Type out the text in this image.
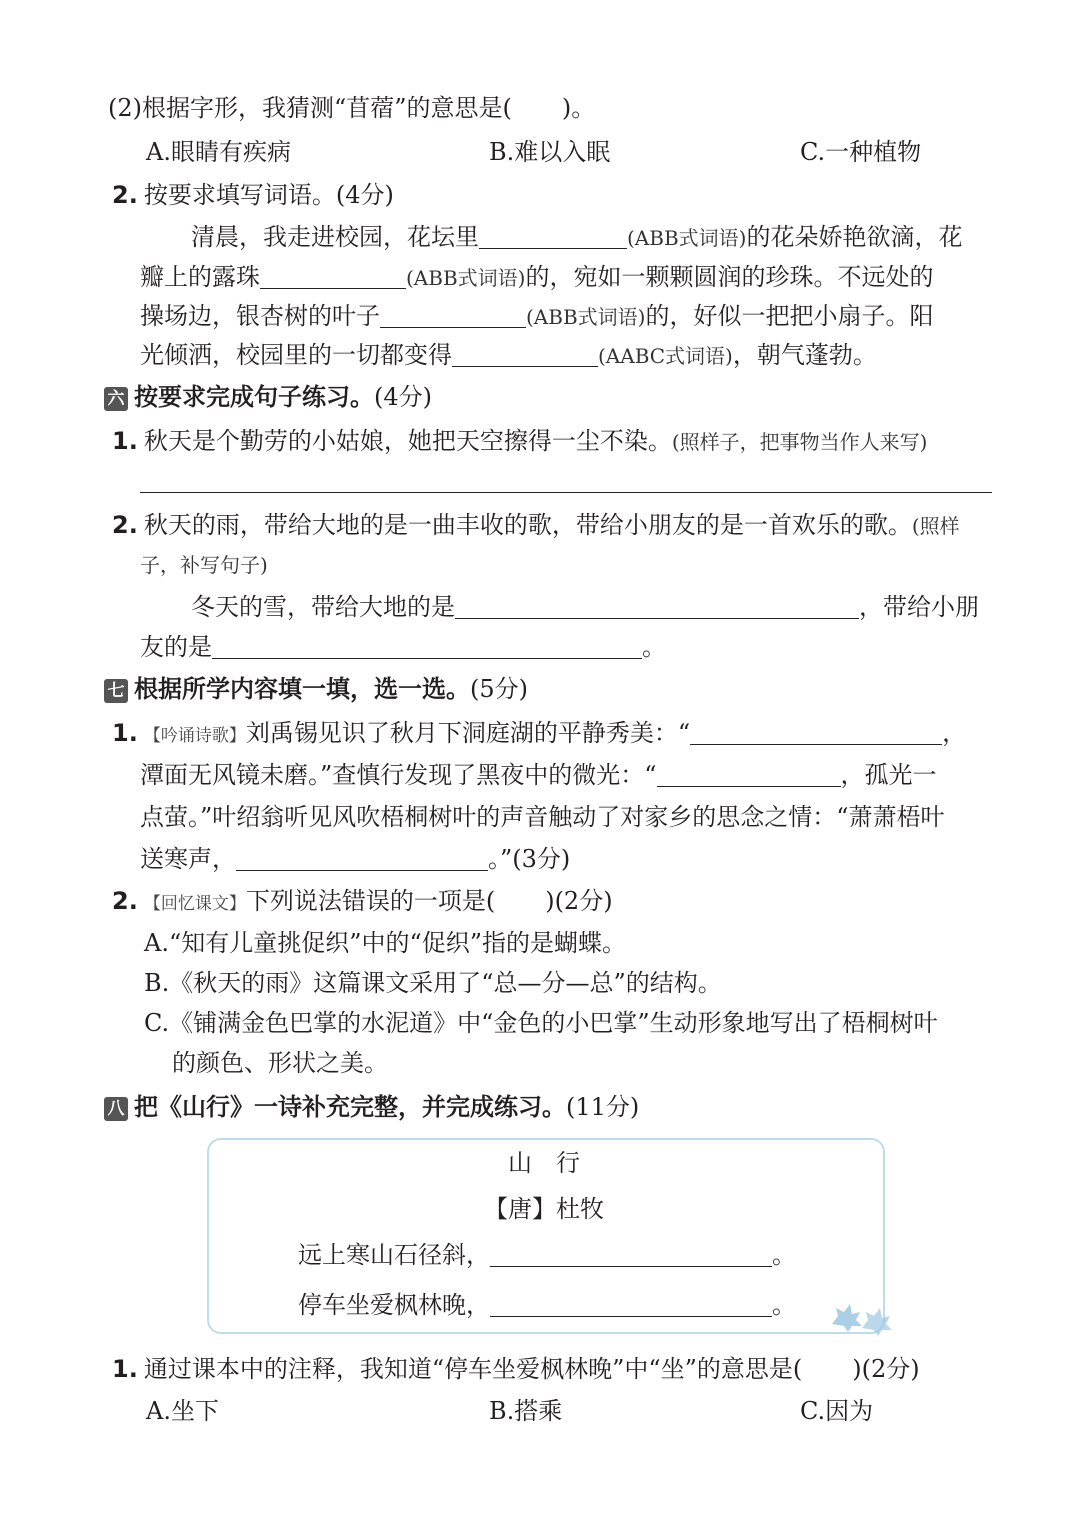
(2)根据字形，我猜测“苜蓿”的意思是( )。
A.眼睛有疾病	B.难以入眠	C.一种植物
2. 按要求填写词语。(4分)
清晨，我走进校园，花坛里	(ABB式词语)的花朵娇艳欲滴，花
瓣上的露珠	(ABB式词语)的，宛如一颗颗圆润的珍珠。不远处的
操场边，银杏树的叶子	(ABB式词语)的，好似一把把小扇子。阳
光倾洒，校园里的一切都变得	(AABC式词语)，朝气蓬勃。
六 按要求完成句子练习。(4分)
1. 秋天是个勤劳的小姑娘，她把天空擦得一尘不染。(照样子，把事物当作人来写)
2. 秋天的雨，带给大地的是一曲丰收的歌，带给小朋友的是一首欢乐的歌。(照样
子，补写句子)
冬天的雪，带给大地的是	，带给小朋
友的是	。
七 根据所学内容填一填，选一选。(5分)
1. 【吟诵诗歌】刘禹锡见识了秋月下洞庭湖的平静秀美：“	，
潭面无风镜未磨。”查慎行发现了黑夜中的微光：“	，孤光一
点萤。”叶绍翁听见风吹梧桐树叶的声音触动了对家乡的思念之情：“萧萧梧叶
送寒声，	。”(3分)
2. 【回忆课文】下列说法错误的一项是( )(2分)
A.“知有儿童挑促织”中的“促织”指的是蝴蝶。
B.《秋天的雨》这篇课文采用了“总—分—总”的结构。
C.《铺满金色巴掌的水泥道》中“金色的小巴掌”生动形象地写出了梧桐树叶
的颜色、形状之美。
八 把《山行》一诗补充完整，并完成练习。(11分)
山　行
【唐】杜牧
远上寒山石径斜，	。
停车坐爱枫林晚，	。
1. 通过课本中的注释，我知道“停车坐爱枫林晚”中“坐”的意思是( )(2分)
A.坐下	B.搭乘	C.因为
